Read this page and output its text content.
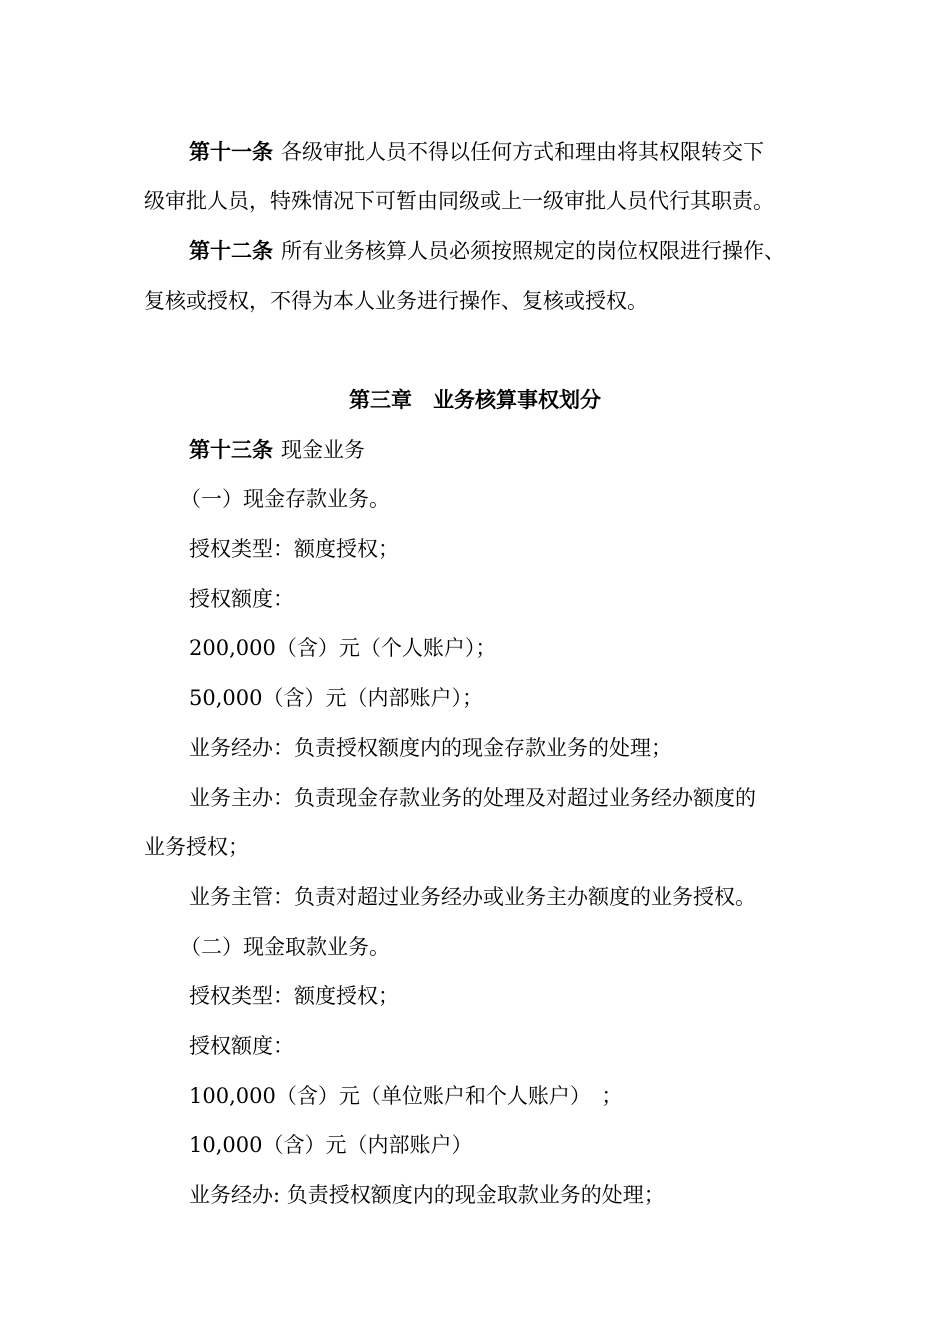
第十一条 各级审批人员不得以任何方式和理由将其权限转交下
级审批人员，特殊情况下可暂由同级或上一级审批人员代行其职责。
第十二条 所有业务核算人员必须按照规定的岗位权限进行操作、
复核或授权，不得为本人业务进行操作、复核或授权。
第三章　业务核算事权划分
第十三条 现金业务
（一）现金存款业务。
授权类型：额度授权；
授权额度：
200,000（含）元（个人账户）；
50,000（含）元（内部账户）；
业务经办：负责授权额度内的现金存款业务的处理；
业务主办：负责现金存款业务的处理及对超过业务经办额度的
业务授权；
业务主管：负责对超过业务经办或业务主办额度的业务授权。
（二）现金取款业务。
授权类型：额度授权；
授权额度：
100,000（含）元（单位账户和个人账户）　；
10,000（含）元（内部账户）
业务经办: 负责授权额度内的现金取款业务的处理；
